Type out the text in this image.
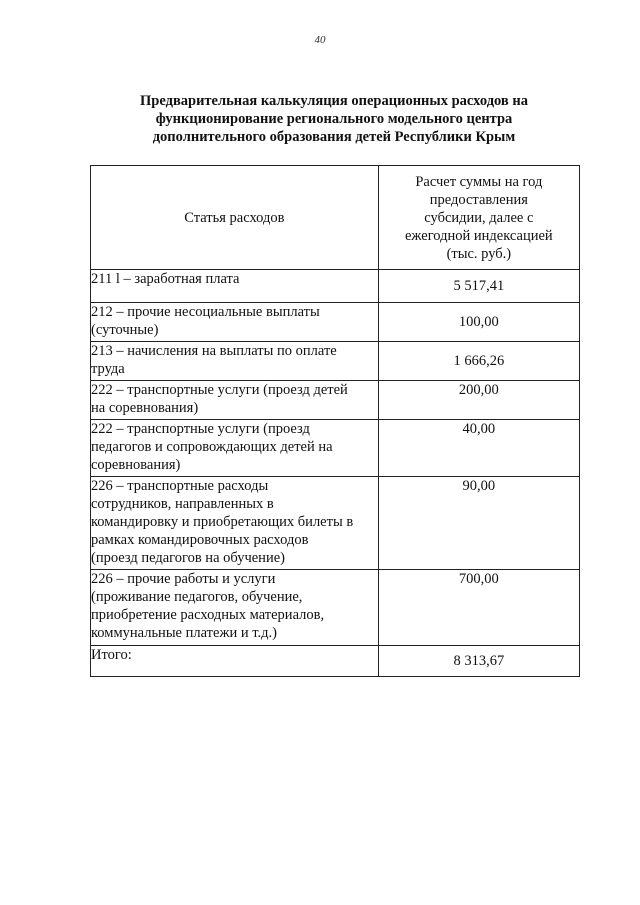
40
Предварительная калькуляция операционных расходов на
функционирование регионального модельного центра
дополнительного образования детей Республики Крым
Статья расходов	Расчет суммы на год
предоставления
субсидии, далее с
ежегодной индексацией
(тыс. руб.)

211 l – заработная плата	5 517,41

212 – прочие несоциальные выплаты
(суточные)	100,00

213 – начисления на выплаты по оплате
труда	1 666,26

222 – транспортные услуги (проезд детей
на соревнования)	200,00

222 – транспортные услуги (проезд
педагогов и сопровождающих детей на
соревнования)	40,00

226 – транспортные расходы
сотрудников, направленных в
командировку и приобретающих билеты в
рамках командировочных расходов
(проезд педагогов на обучение)	90,00

226 – прочие работы и услуги
(проживание педагогов, обучение,
приобретение расходных материалов,
коммунальные платежи и т.д.)	700,00
Итого:	8 313,67
